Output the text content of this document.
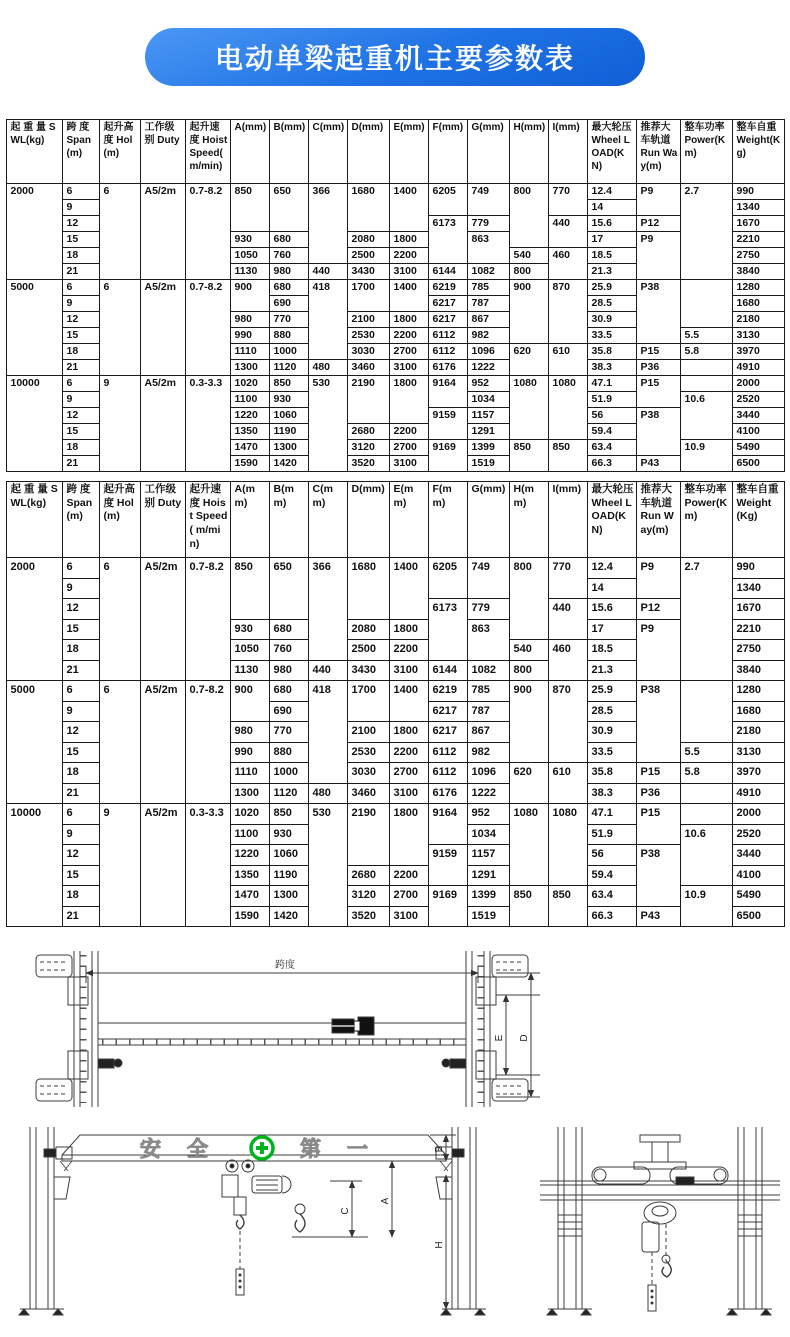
电动单梁起重机主要参数表
起 重 量 SWL(kg)	跨 度 Span(m)	起升高度 Hol(m)	工作级别 Duty	起升速度 Hoist Speed( m/min)	A(mm)	B(mm)	C(mm)	D(mm)	E(mm)	F(mm)	G(mm)	H(mm)	I(mm)	最大轮压 Wheel LOAD(KN)	推荐大车轨道 Run Way(m)	整车功率 Power(Km)	整车自重 Weight(Kg)
2000	6	6	A5/2m	0.7-8.2	850	650	366	1680	1400	6205	749	800	770	12.4	P9	2.7	990
	9													14			1340
	12									6173	779		440	15.6	P12		1670
	15				930	680		2080	1800		863			17	P9		2210
	18				1050	760		2500	2200			540	460	18.5			2750
	21				1130	980	440	3430	3100	6144	1082	800		21.3			3840
5000	6	6	A5/2m	0.7-8.2	900	680	418	1700	1400	6219	785	900	870	25.9	P38		1280
	9					690				6217	787			28.5			1680
	12				980	770		2100	1800	6217	867			30.9			2180
	15				990	880		2530	2200	6112	982			33.5		5.5	3130
	18				1110	1000		3030	2700	6112	1096	620	610	35.8	P15	5.8	3970
	21				1300	1120	480	3460	3100	6176	1222			38.3	P36		4910
10000	6	9	A5/2m	0.3-3.3	1020	850	530	2190	1800	9164	952	1080	1080	47.1	P15		2000
	9				1100	930					1034			51.9		10.6	2520
	12				1220	1060				9159	1157			56	P38		3440
	15				1350	1190		2680	2200		1291			59.4			4100
	18				1470	1300		3120	2700	9169	1399	850	850	63.4		10.9	5490
	21				1590	1420		3520	3100		1519			66.3	P43		6500
起 重 量 SWL(kg)	跨 度 Span(m)	起升高度 Hol(m)	工作级别 Duty	起升速度 Hoist Speed( m/min)	A(mm)	B(mm)	C(mm)	D(mm)	E(mm)	F(mm)	G(mm)	H(mm)	I(mm)	最大轮压 Wheel LOAD(KN)	推荐大车轨道 Run Way(m)	整车功率 Power(Km)	整车自重 Weight(Kg)
2000	6	6	A5/2m	0.7-8.2	850	650	366	1680	1400	6205	749	800	770	12.4	P9	2.7	990
	9													14			1340
	12									6173	779		440	15.6	P12		1670
	15				930	680		2080	1800		863			17	P9		2210
	18				1050	760		2500	2200			540	460	18.5			2750
	21				1130	980	440	3430	3100	6144	1082	800		21.3			3840
5000	6	6	A5/2m	0.7-8.2	900	680	418	1700	1400	6219	785	900	870	25.9	P38		1280
	9					690				6217	787			28.5			1680
	12				980	770		2100	1800	6217	867			30.9			2180
	15				990	880		2530	2200	6112	982			33.5		5.5	3130
	18				1110	1000		3030	2700	6112	1096	620	610	35.8	P15	5.8	3970
	21				1300	1120	480	3460	3100	6176	1222			38.3	P36		4910
10000	6	9	A5/2m	0.3-3.3	1020	850	530	2190	1800	9164	952	1080	1080	47.1	P15		2000
	9				1100	930					1034			51.9		10.6	2520
	12				1220	1060				9159	1157			56	P38		3440
	15				1350	1190		2680	2200		1291			59.4			4100
	18				1470	1300		3120	2700	9169	1399	850	850	63.4		10.9	5490
	21				1590	1420		3520	3100		1519			66.3	P43		6500
跨度
E D
安全	第一
C
A
B
H
